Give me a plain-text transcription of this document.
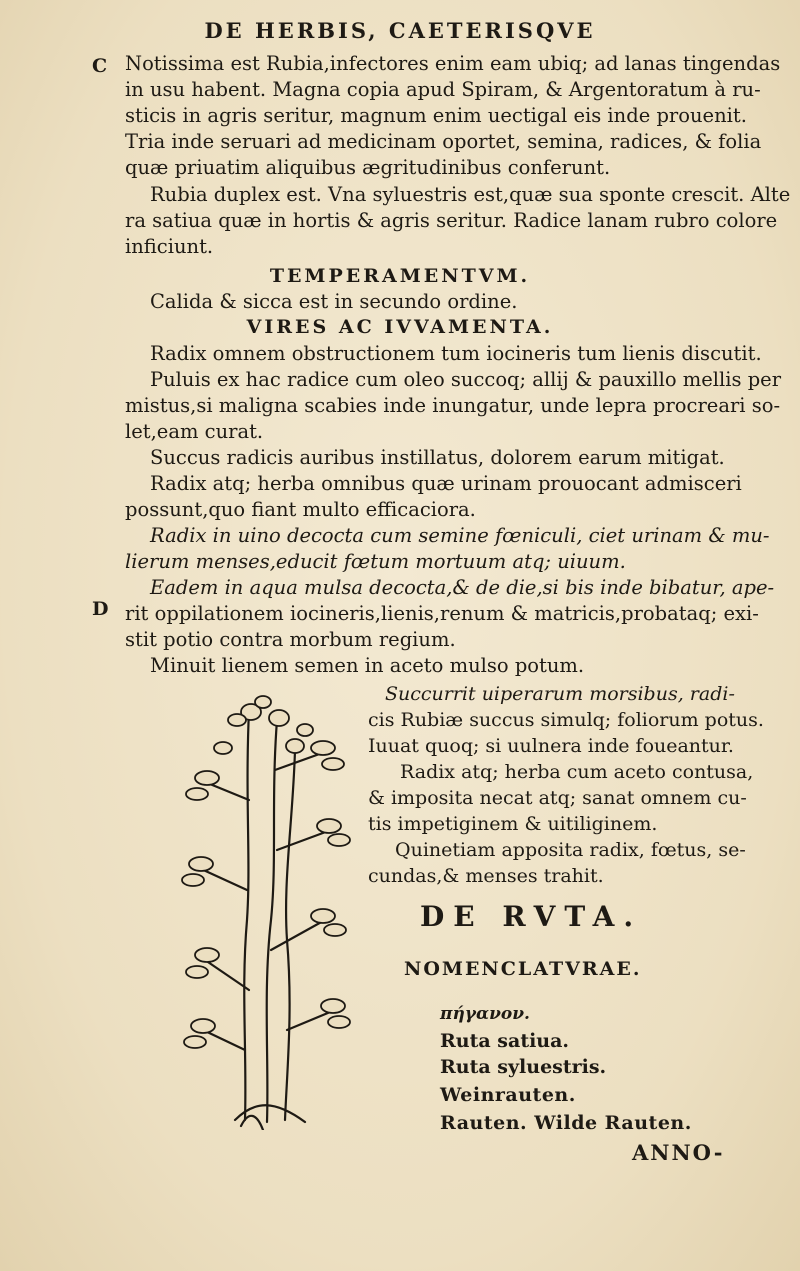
DE HERBIS, CAETERISQVE
C
D
Notissima est Rubia,infectores enim eam ubiq; ad lanas tingendas
in usu habent. Magna copia apud Spiram, & Argentoratum à ru-
sticis in agris seritur, magnum enim uectigal eis inde prouenit.
Tria inde seruari ad medicinam oportet, semina, radices, & folia
quæ priuatim aliquibus ægritudinibus conferunt.
Rubia duplex est. Vna syluestris est,quæ sua sponte crescit. Alte
ra satiua quæ in hortis & agris seritur. Radice lanam rubro colore
inficiunt.
TEMPERAMENTVM.
Calida & sicca est in secundo ordine.
VIRES AC IVVAMENTA.
Radix omnem obstructionem tum iocineris tum lienis discutit.
Puluis ex hac radice cum oleo succoq; allij & pauxillo mellis per
mistus,si maligna scabies inde inungatur, unde lepra procreari so-
let,eam curat.
Succus radicis auribus instillatus, dolorem earum mitigat.
Radix atq; herba omnibus quæ urinam prouocant admisceri
possunt,quo fiant multo efficaciora.
Radix in uino decocta cum semine fœniculi, ciet urinam & mu-
lierum menses,educit fœtum mortuum atq; uiuum.
Eadem in aqua mulsa decocta,& de die,si bis inde bibatur, ape-
rit oppilationem iocineris,lienis,renum & matricis,probataq; exi-
stit potio contra morbum regium.
Minuit lienem semen in aceto mulso potum.
Succurrit uiperarum morsibus, radi-
cis Rubiæ succus simulq; foliorum potus.
Iuuat quoq; si uulnera inde foueantur.
Radix atq; herba cum aceto contusa,
& imposita necat atq; sanat omnem cu-
tis impetiginem & uitiliginem.
Quinetiam apposita radix, fœtus, se-
cundas,& menses trahit.
DE RVTA.
NOMENCLATVRAE.
πήγανον.
Ruta satiua.
Ruta syluestris.
Weinrauten.
Rauten. Wilde Rauten.
ANNO-
